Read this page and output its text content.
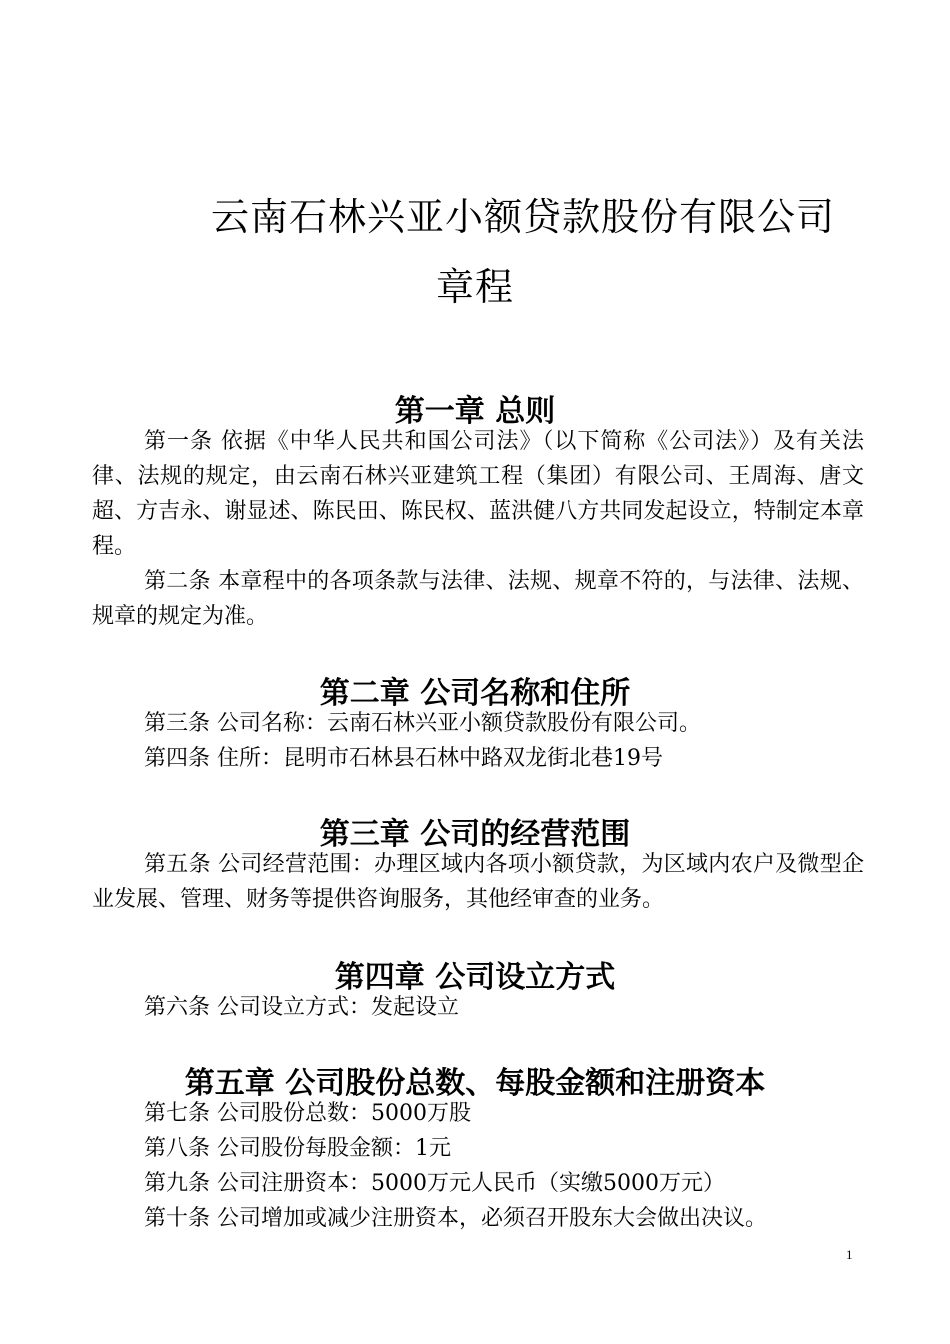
云南石林兴亚小额贷款股份有限公司
章程
第一章 总则

第一条 依据《中华人民共和国公司法》（以下简称《公司法》）及有关法律、法规的规定，由云南石林兴亚建筑工程（集团）有限公司、王周海、唐文超、方吉永、谢显述、陈民田、陈民权、蓝洪健八方共同发起设立，特制定本章程。

第二条 本章程中的各项条款与法律、法规、规章不符的，与法律、法规、规章的规定为准。

第二章 公司名称和住所

第三条 公司名称：云南石林兴亚小额贷款股份有限公司。

第四条 住所：昆明市石林县石林中路双龙街北巷19号

第三章 公司的经营范围

第五条 公司经营范围：办理区域内各项小额贷款，为区域内农户及微型企业发展、管理、财务等提供咨询服务，其他经审查的业务。

第四章 公司设立方式

第六条 公司设立方式：发起设立

第五章 公司股份总数、每股金额和注册资本

第七条 公司股份总数：5000万股

第八条 公司股份每股金额：1元

第九条 公司注册资本：5000万元人民币（实缴5000万元）

第十条 公司增加或减少注册资本，必须召开股东大会做出决议。

1
